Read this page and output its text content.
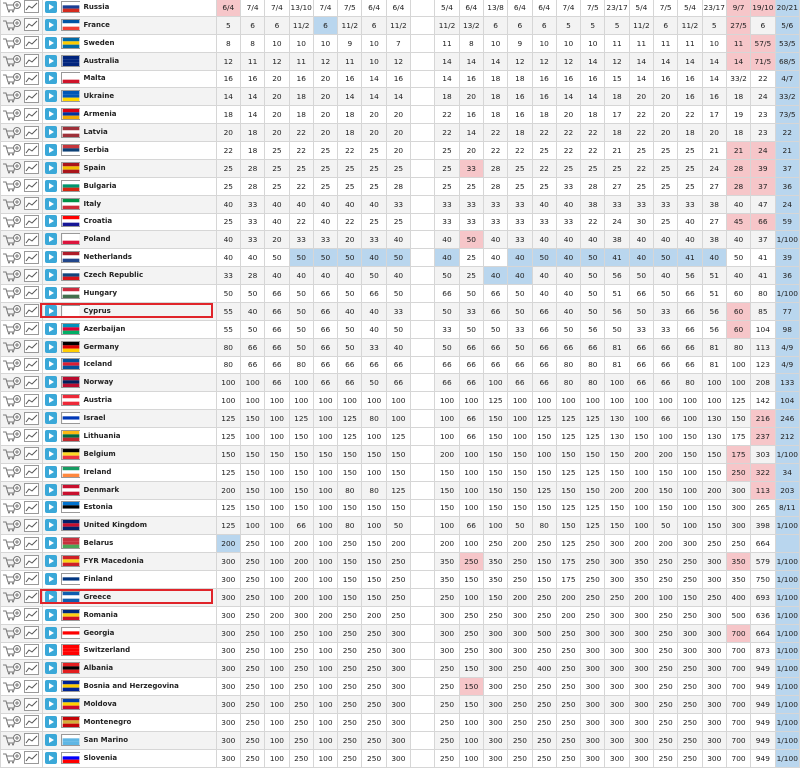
				Russia	6/4	7/4	7/4	13/10	7/4	7/5	6/4	6/4		5/4	6/4	13/8	6/4	6/4	7/4	7/5	23/17	5/4	7/5	5/4	23/17	9/7	19/10	20/21
				France	5	6	6	11/2	6	11/2	6	11/2		11/2	13/2	6	6	6	5	5	5	11/2	6	11/2	5	27/5	6	5/6
				Sweden	8	8	10	10	10	9	10	7		11	8	10	9	10	10	10	11	11	11	11	10	11	57/5	53/5
				Australia	12	11	12	11	12	11	10	12		14	14	14	12	12	12	14	12	14	14	14	14	14	71/5	68/5
				Malta	16	16	20	16	20	16	14	16		14	16	18	18	16	16	16	15	14	16	16	14	33/2	22	4/7
				Ukraine	14	14	20	18	20	14	14	14		18	20	18	16	16	14	14	18	20	20	16	16	18	24	33/2
				Armenia	18	14	20	18	20	18	20	20		22	16	18	16	18	20	18	17	22	20	22	17	19	23	73/5
				Latvia	20	18	20	22	20	18	20	20		22	14	22	18	22	22	22	18	22	20	18	20	18	23	22
				Serbia	22	18	25	22	25	22	25	20		25	20	22	22	25	22	22	21	25	25	25	21	21	24	21
				Spain	25	28	25	25	25	25	25	25		25	33	28	25	22	25	25	25	22	25	25	24	28	39	37
				Bulgaria	25	28	25	22	25	25	25	28		25	25	28	25	25	33	28	27	25	25	25	27	28	37	36
				Italy	40	33	40	40	40	40	40	33		33	33	33	33	40	40	38	33	33	33	33	38	40	47	24
				Croatia	25	33	40	22	40	22	25	25		33	33	33	33	33	33	22	24	30	25	40	27	45	66	59
				Poland	40	33	20	33	33	20	33	40		40	50	40	33	40	40	40	38	40	40	40	38	40	37	1/100
				Netherlands	40	40	50	50	50	50	40	50		40	25	40	40	50	40	50	41	40	50	41	40	50	41	39
				Czech Republic	33	28	40	40	40	40	50	40		50	25	40	40	40	40	50	56	50	40	56	51	40	41	36
				Hungary	50	50	66	50	66	50	66	50		66	50	66	50	40	40	50	51	66	50	66	51	60	80	1/100
				Cyprus	55	40	66	50	66	40	40	33		50	33	66	50	66	40	50	56	50	33	66	56	60	85	77
				Azerbaijan	55	50	66	50	66	50	40	50		33	50	50	33	66	50	56	50	33	33	66	56	60	104	98
				Germany	80	66	66	50	66	50	33	40		50	66	66	50	66	66	66	81	66	66	66	81	80	113	4/9
				Iceland	80	66	66	80	66	66	66	66		66	66	66	66	66	80	80	81	66	66	66	81	100	123	4/9
				Norway	100	100	66	100	66	66	50	66		66	66	100	66	66	80	80	100	66	66	80	100	100	208	133
				Austria	100	100	100	100	100	100	100	100		100	100	125	100	100	100	100	100	100	100	100	100	125	142	104
				Israel	125	150	100	125	100	125	80	100		100	66	150	100	125	125	125	130	100	66	100	130	150	216	246
				Lithuania	125	100	100	150	100	125	100	125		100	66	150	100	150	125	125	130	150	100	150	130	175	237	212
				Belgium	150	150	150	150	150	150	150	150		200	100	150	150	100	150	150	150	200	200	150	150	175	303	1/100
				Ireland	125	150	100	150	100	150	100	150		150	100	150	150	150	125	125	150	100	150	100	150	250	322	34
				Denmark	200	150	100	150	100	80	80	125		150	100	150	150	125	150	150	200	200	150	100	200	300	113	203
				Estonia	125	150	100	150	100	150	150	150		150	100	150	150	150	125	125	150	100	150	100	150	300	265	8/11
				United Kingdom	125	100	100	66	100	80	100	50		100	66	100	50	80	150	125	150	100	50	100	150	300	398	1/100
				Belarus	200	250	100	200	100	250	150	200		200	100	250	200	250	125	250	300	200	200	300	250	250	664	
				FYR Macedonia	300	250	100	200	100	150	150	250		350	250	350	250	150	175	250	300	350	250	250	300	350	579	1/100
				Finland	300	250	100	200	100	150	150	250		350	150	350	250	150	175	250	300	350	250	250	300	350	750	1/100
				Greece	300	250	100	200	100	150	150	250		250	100	150	200	250	200	250	250	200	100	150	250	400	693	1/100
				Romania	300	250	200	300	200	250	200	250		300	250	250	300	250	200	250	300	300	250	250	300	500	636	1/100
				Georgia	300	250	100	250	100	250	250	300		300	250	300	300	500	250	300	300	300	250	300	300	700	664	1/100
				Switzerland	300	250	100	250	100	250	250	300		300	250	300	300	250	250	300	300	300	250	300	300	700	873	1/100
				Albania	300	250	100	250	100	250	250	300		250	150	300	250	400	250	300	300	300	250	250	300	700	949	1/100
				Bosnia and Herzegovina	300	250	100	250	100	250	250	300		250	150	300	250	250	250	300	300	300	250	250	300	700	949	1/100
				Moldova	300	250	100	250	100	250	250	300		250	150	300	250	250	250	300	300	300	250	250	300	700	949	1/100
				Montenegro	300	250	100	250	100	250	250	300		250	100	300	250	250	250	300	300	300	250	250	300	700	949	1/100
				San Marino	300	250	100	250	100	250	250	300		250	100	300	250	250	250	300	300	300	250	250	300	700	949	1/100
				Slovenia	300	250	100	250	100	250	250	300		250	100	300	250	250	250	300	300	300	250	250	300	700	949	1/100
